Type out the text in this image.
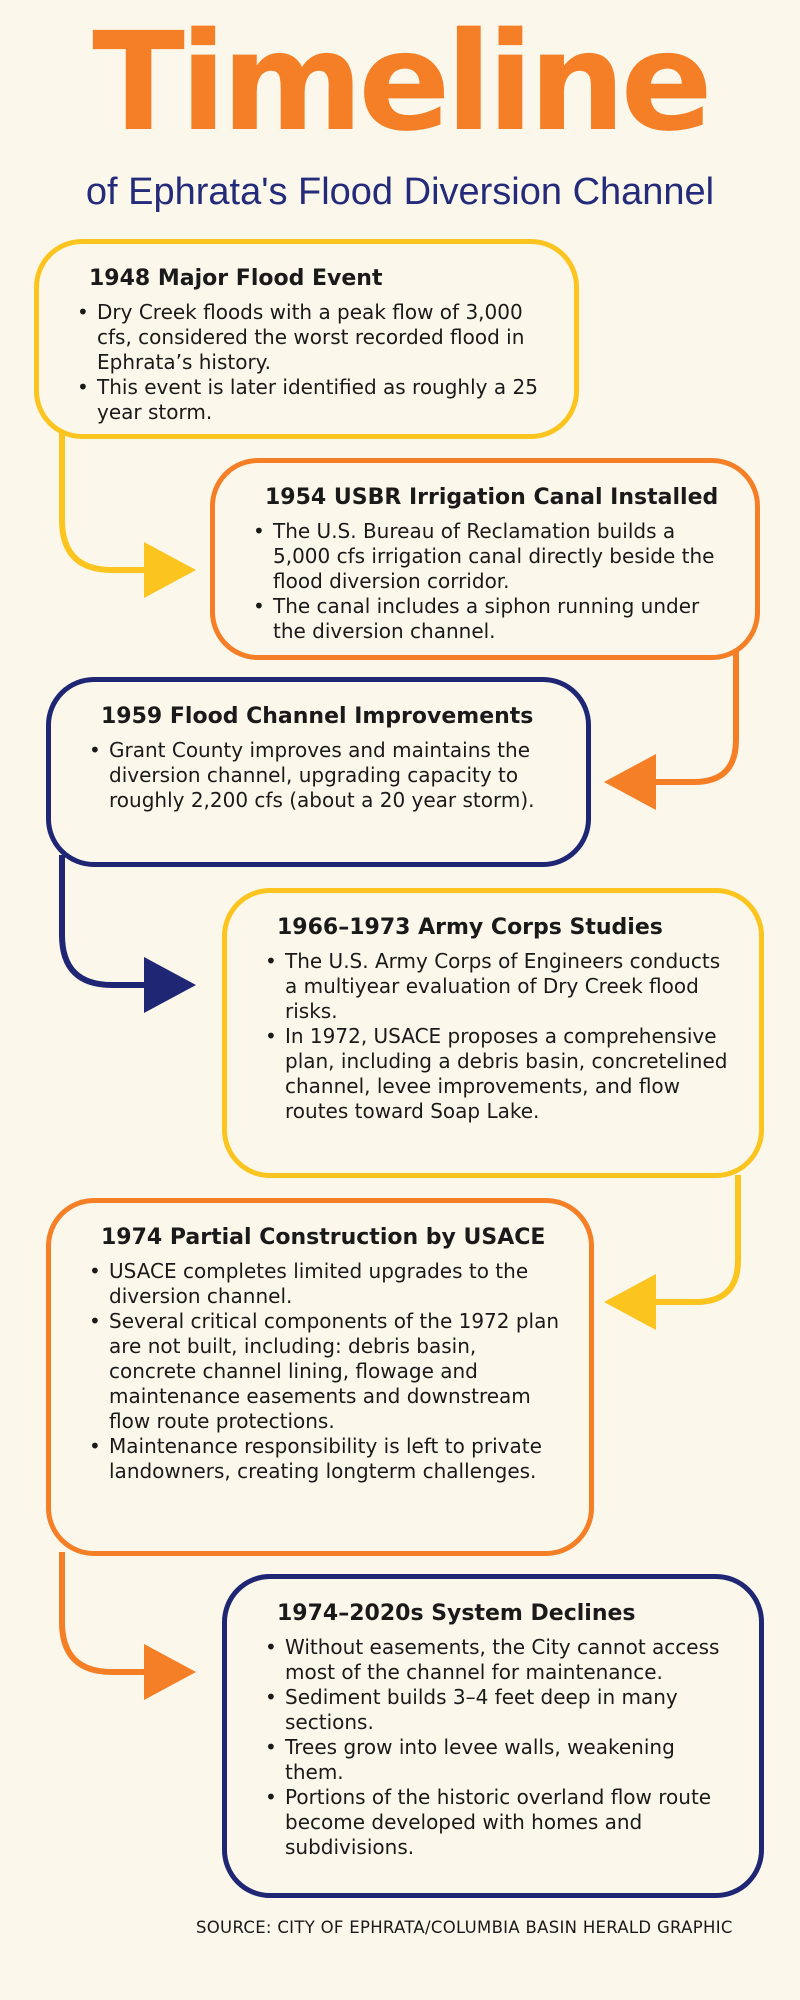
Timeline
of Ephrata's Flood Diversion Channel
1948 Major Flood Event
• Dry Creek floods with a peak flow of 3,000 cfs, considered the worst recorded flood in Ephrata’s history.
• This event is later identified as roughly a 25 year storm.
1954 USBR Irrigation Canal Installed
• The U.S. Bureau of Reclamation builds a 5,000 cfs irrigation canal directly beside the flood diversion corridor.
• The canal includes a siphon running under the diversion channel.
1959 Flood Channel Improvements
• Grant County improves and maintains the diversion channel, upgrading capacity to roughly 2,200 cfs (about a 20 year storm).
1966–1973 Army Corps Studies
• The U.S. Army Corps of Engineers conducts a multiyear evaluation of Dry Creek flood risks.
• In 1972, USACE proposes a comprehensive plan, including a debris basin, concretelined channel, levee improvements, and flow routes toward Soap Lake.
1974 Partial Construction by USACE
• USACE completes limited upgrades to the diversion channel.
• Several critical components of the 1972 plan are not built, including: debris basin, concrete channel lining, flowage and maintenance easements and downstream flow route protections.
• Maintenance responsibility is left to private landowners, creating longterm challenges.
1974–2020s System Declines
• Without easements, the City cannot access most of the channel for maintenance.
• Sediment builds 3–4 feet deep in many sections.
• Trees grow into levee walls, weakening them.
• Portions of the historic overland flow route become developed with homes and subdivisions.
SOURCE: CITY OF EPHRATA/COLUMBIA BASIN HERALD GRAPHIC
